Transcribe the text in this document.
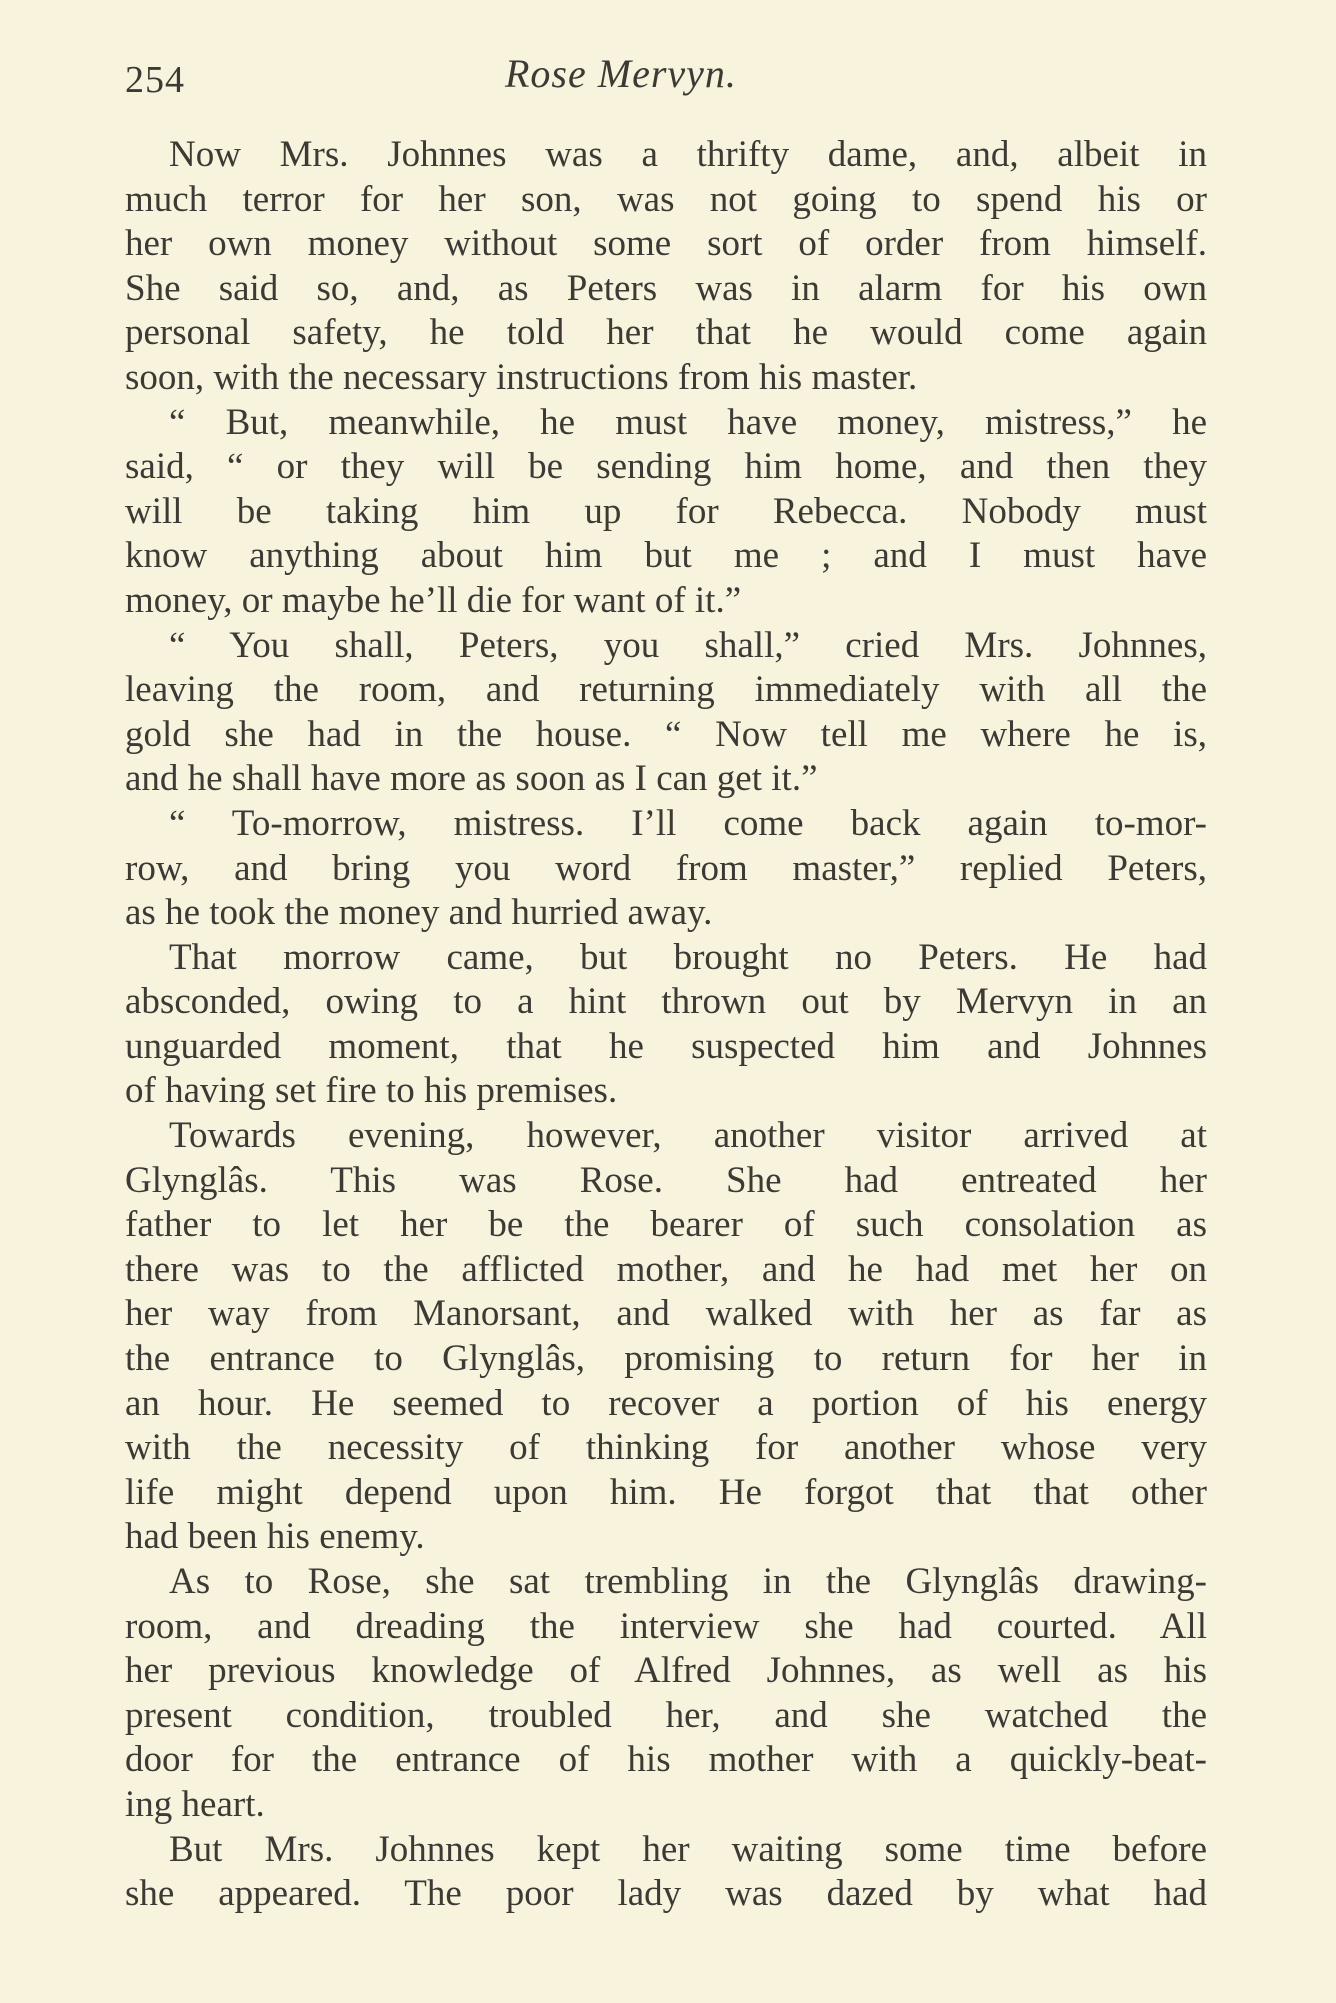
254	Rose Mervyn.
Now Mrs. Johnnes was a thrifty dame, and, albeit in
much terror for her son, was not going to spend his or
her own money without some sort of order from himself.
She said so, and, as Peters was in alarm for his own
personal safety, he told her that he would come again
soon, with the necessary instructions from his master.
“ But, meanwhile, he must have money, mistress,” he
said, “ or they will be sending him home, and then they
will be taking him up for Rebecca. Nobody must
know anything about him but me ; and I must have
money, or maybe he’ll die for want of it.”
“ You shall, Peters, you shall,” cried Mrs. Johnnes,
leaving the room, and returning immediately with all the
gold she had in the house. “ Now tell me where he is,
and he shall have more as soon as I can get it.”
“ To-morrow, mistress. I’ll come back again to-mor-
row, and bring you word from master,” replied Peters,
as he took the money and hurried away.
That morrow came, but brought no Peters. He had
absconded, owing to a hint thrown out by Mervyn in an
unguarded moment, that he suspected him and Johnnes
of having set fire to his premises.
Towards evening, however, another visitor arrived at
Glynglâs. This was Rose. She had entreated her
father to let her be the bearer of such consolation as
there was to the afflicted mother, and he had met her on
her way from Manorsant, and walked with her as far as
the entrance to Glynglâs, promising to return for her in
an hour. He seemed to recover a portion of his energy
with the necessity of thinking for another whose very
life might depend upon him. He forgot that that other
had been his enemy.
As to Rose, she sat trembling in the Glynglâs drawing-
room, and dreading the interview she had courted. All
her previous knowledge of Alfred Johnnes, as well as his
present condition, troubled her, and she watched the
door for the entrance of his mother with a quickly-beat-
ing heart.
But Mrs. Johnnes kept her waiting some time before
she appeared. The poor lady was dazed by what had
